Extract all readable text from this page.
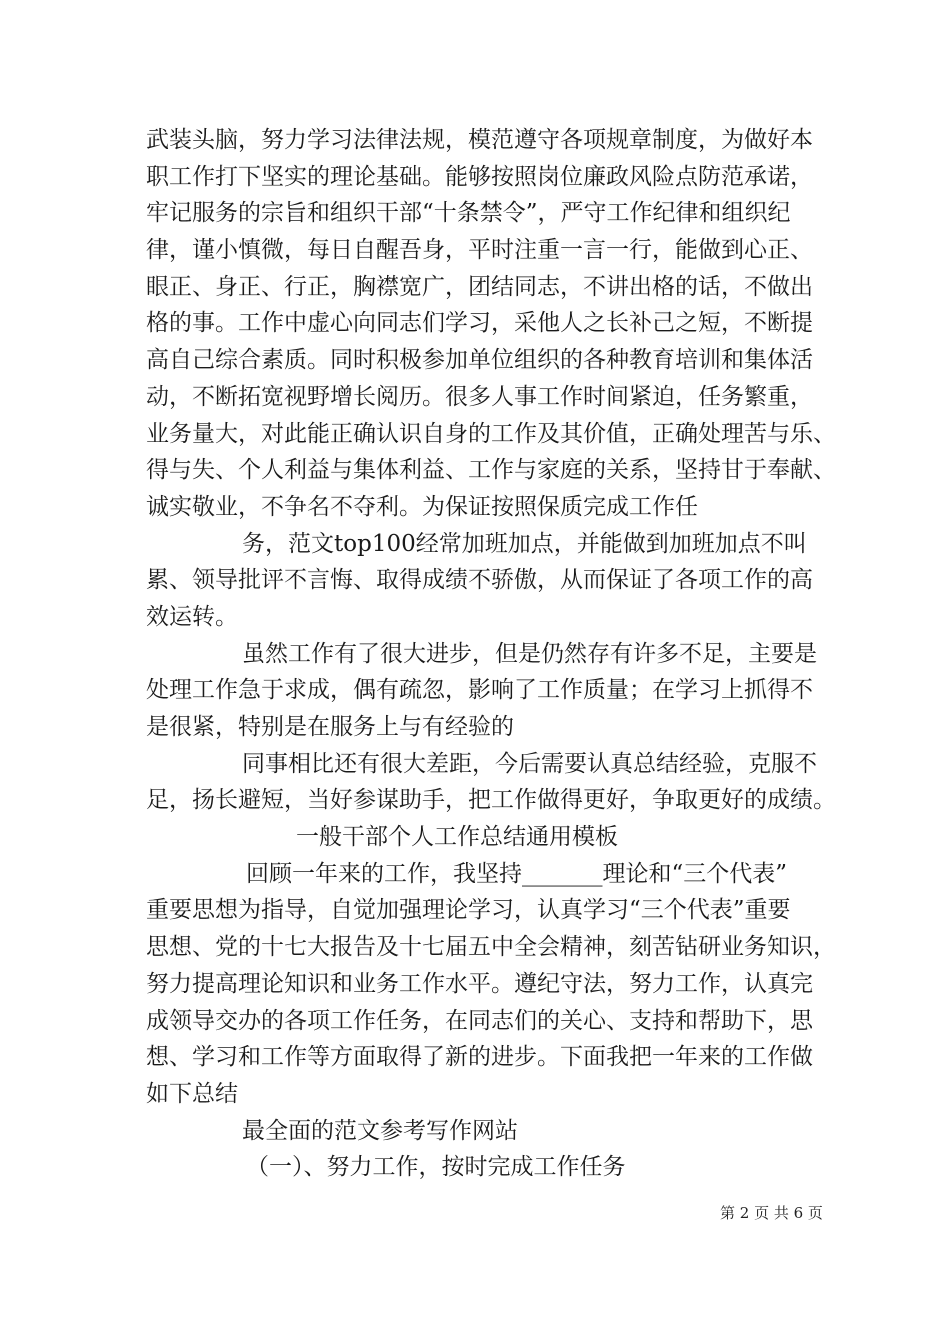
武装头脑，努力学习法律法规，模范遵守各项规章制度，为做好本
职工作打下坚实的理论基础。能够按照岗位廉政风险点防范承诺，
牢记服务的宗旨和组织干部“十条禁令”，严守工作纪律和组织纪
律，谨小慎微，每日自醒吾身，平时注重一言一行，能做到心正、
眼正、身正、行正，胸襟宽广，团结同志，不讲出格的话，不做出
格的事。工作中虚心向同志们学习，采他人之长补己之短，不断提
高自己综合素质。同时积极参加单位组织的各种教育培训和集体活
动，不断拓宽视野增长阅历。很多人事工作时间紧迫，任务繁重，
业务量大，对此能正确认识自身的工作及其价值，正确处理苦与乐、
得与失、个人利益与集体利益、工作与家庭的关系，坚持甘于奉献、
诚实敬业，不争名不夺利。为保证按照保质完成工作任
务，范文top100经常加班加点，并能做到加班加点不叫
累、领导批评不言悔、取得成绩不骄傲，从而保证了各项工作的高
效运转。
虽然工作有了很大进步，但是仍然存有许多不足，主要是
处理工作急于求成，偶有疏忽，影响了工作质量；在学习上抓得不
是很紧，特别是在服务上与有经验的
同事相比还有很大差距，今后需要认真总结经验，克服不
足，扬长避短，当好参谋助手，把工作做得更好，争取更好的成绩。
一般干部个人工作总结通用模板
回顾一年来的工作，我坚持_______理论和“三个代表”
重要思想为指导，自觉加强理论学习，认真学习“三个代表”重要
思想、党的十七大报告及十七届五中全会精神，刻苦钻研业务知识，
努力提高理论知识和业务工作水平。遵纪守法，努力工作，认真完
成领导交办的各项工作任务，在同志们的关心、支持和帮助下，思
想、学习和工作等方面取得了新的进步。下面我把一年来的工作做
如下总结
最全面的范文参考写作网站
（一）、努力工作，按时完成工作任务
第 2 页 共 6 页
